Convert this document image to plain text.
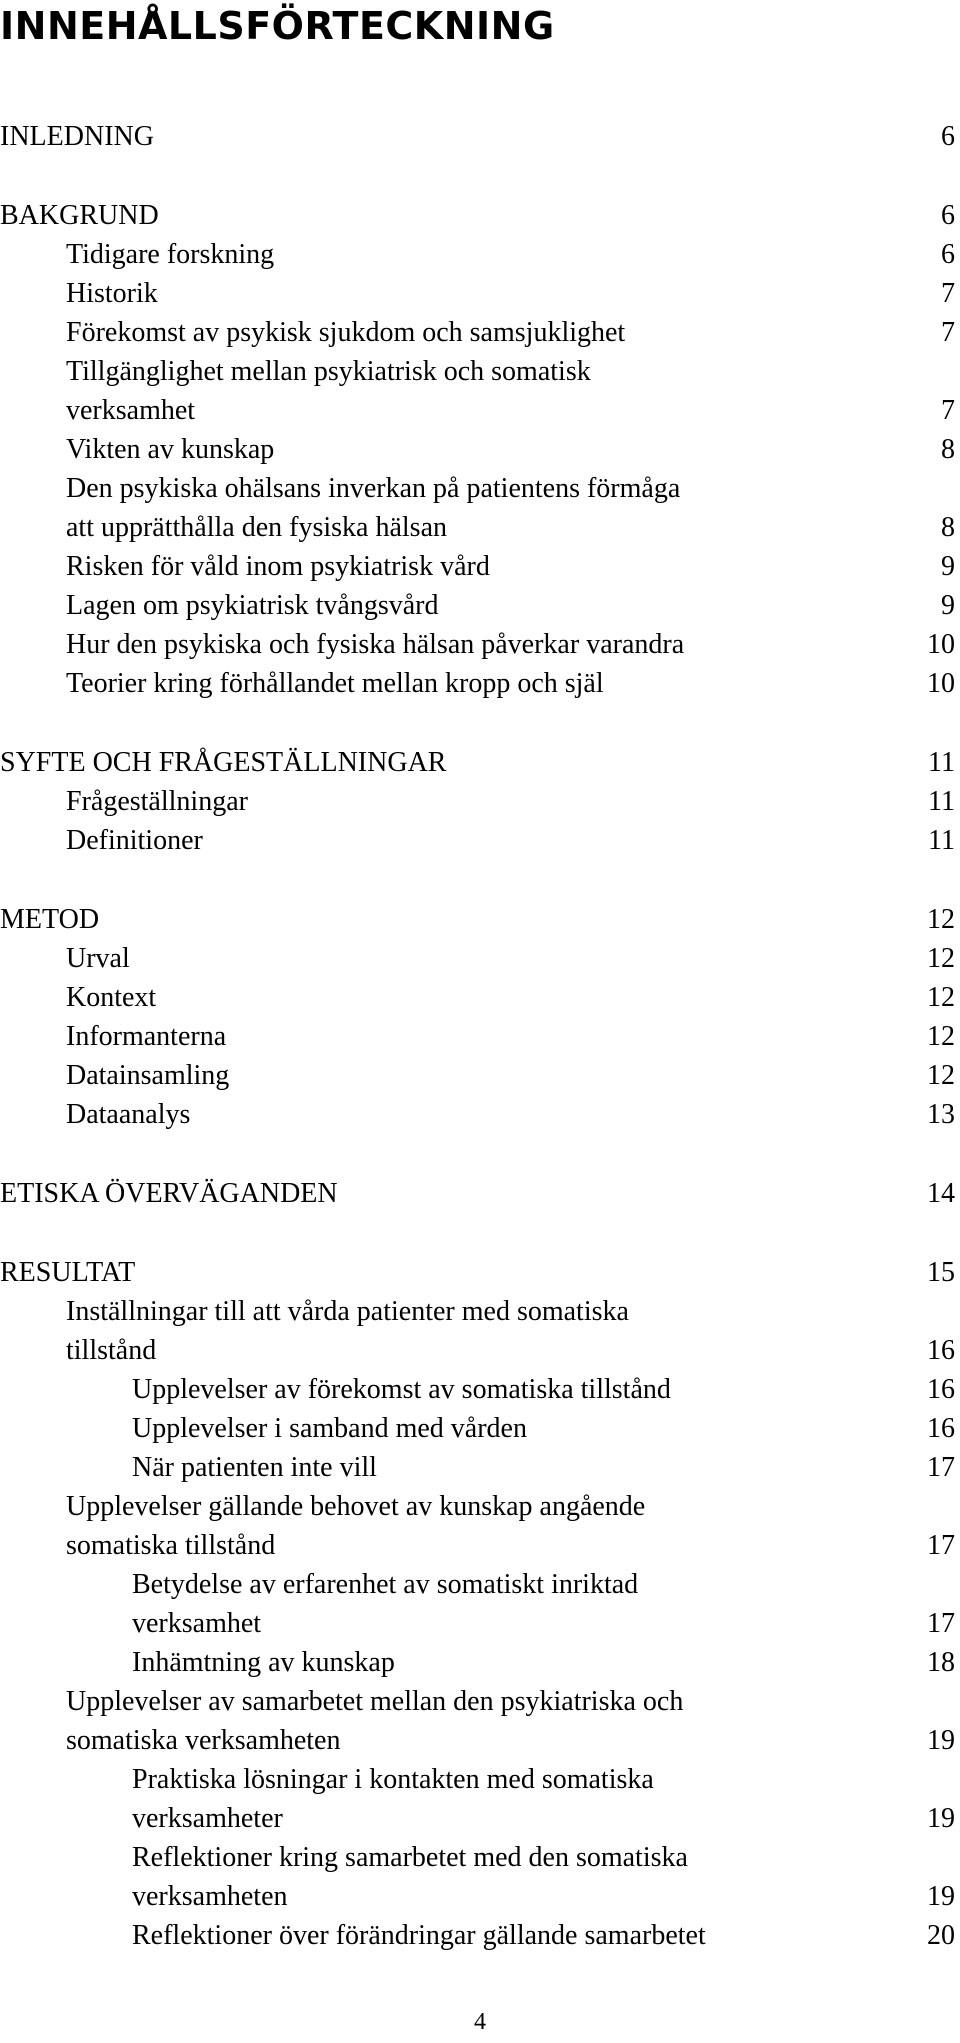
INNEHÅLLSFÖRTECKNING
INLEDNING	6
BAKGRUND	6
Tidigare forskning	6
Historik	7
Förekomst av psykisk sjukdom och samsjuklighet	7
Tillgänglighet mellan psykiatrisk och somatisk
verksamhet	7
Vikten av kunskap	8
Den psykiska ohälsans inverkan på patientens förmåga
att upprätthålla den fysiska hälsan	8
Risken för våld inom psykiatrisk vård	9
Lagen om psykiatrisk tvångsvård	9
Hur den psykiska och fysiska hälsan påverkar varandra	10
Teorier kring förhållandet mellan kropp och själ	10
SYFTE OCH FRÅGESTÄLLNINGAR	11
Frågeställningar	11
Definitioner	11
METOD	12
Urval	12
Kontext	12
Informanterna	12
Datainsamling	12
Dataanalys	13
ETISKA ÖVERVÄGANDEN	14
RESULTAT	15
Inställningar till att vårda patienter med somatiska
tillstånd	16
Upplevelser av förekomst av somatiska tillstånd	16
Upplevelser i samband med vården	16
När patienten inte vill	17
Upplevelser gällande behovet av kunskap angående
somatiska tillstånd	17
Betydelse av erfarenhet av somatiskt inriktad
verksamhet	17
Inhämtning av kunskap	18
Upplevelser av samarbetet mellan den psykiatriska och
somatiska verksamheten	19
Praktiska lösningar i kontakten med somatiska
verksamheter	19
Reflektioner kring samarbetet med den somatiska
verksamheten	19
Reflektioner över förändringar gällande samarbetet	20
4
